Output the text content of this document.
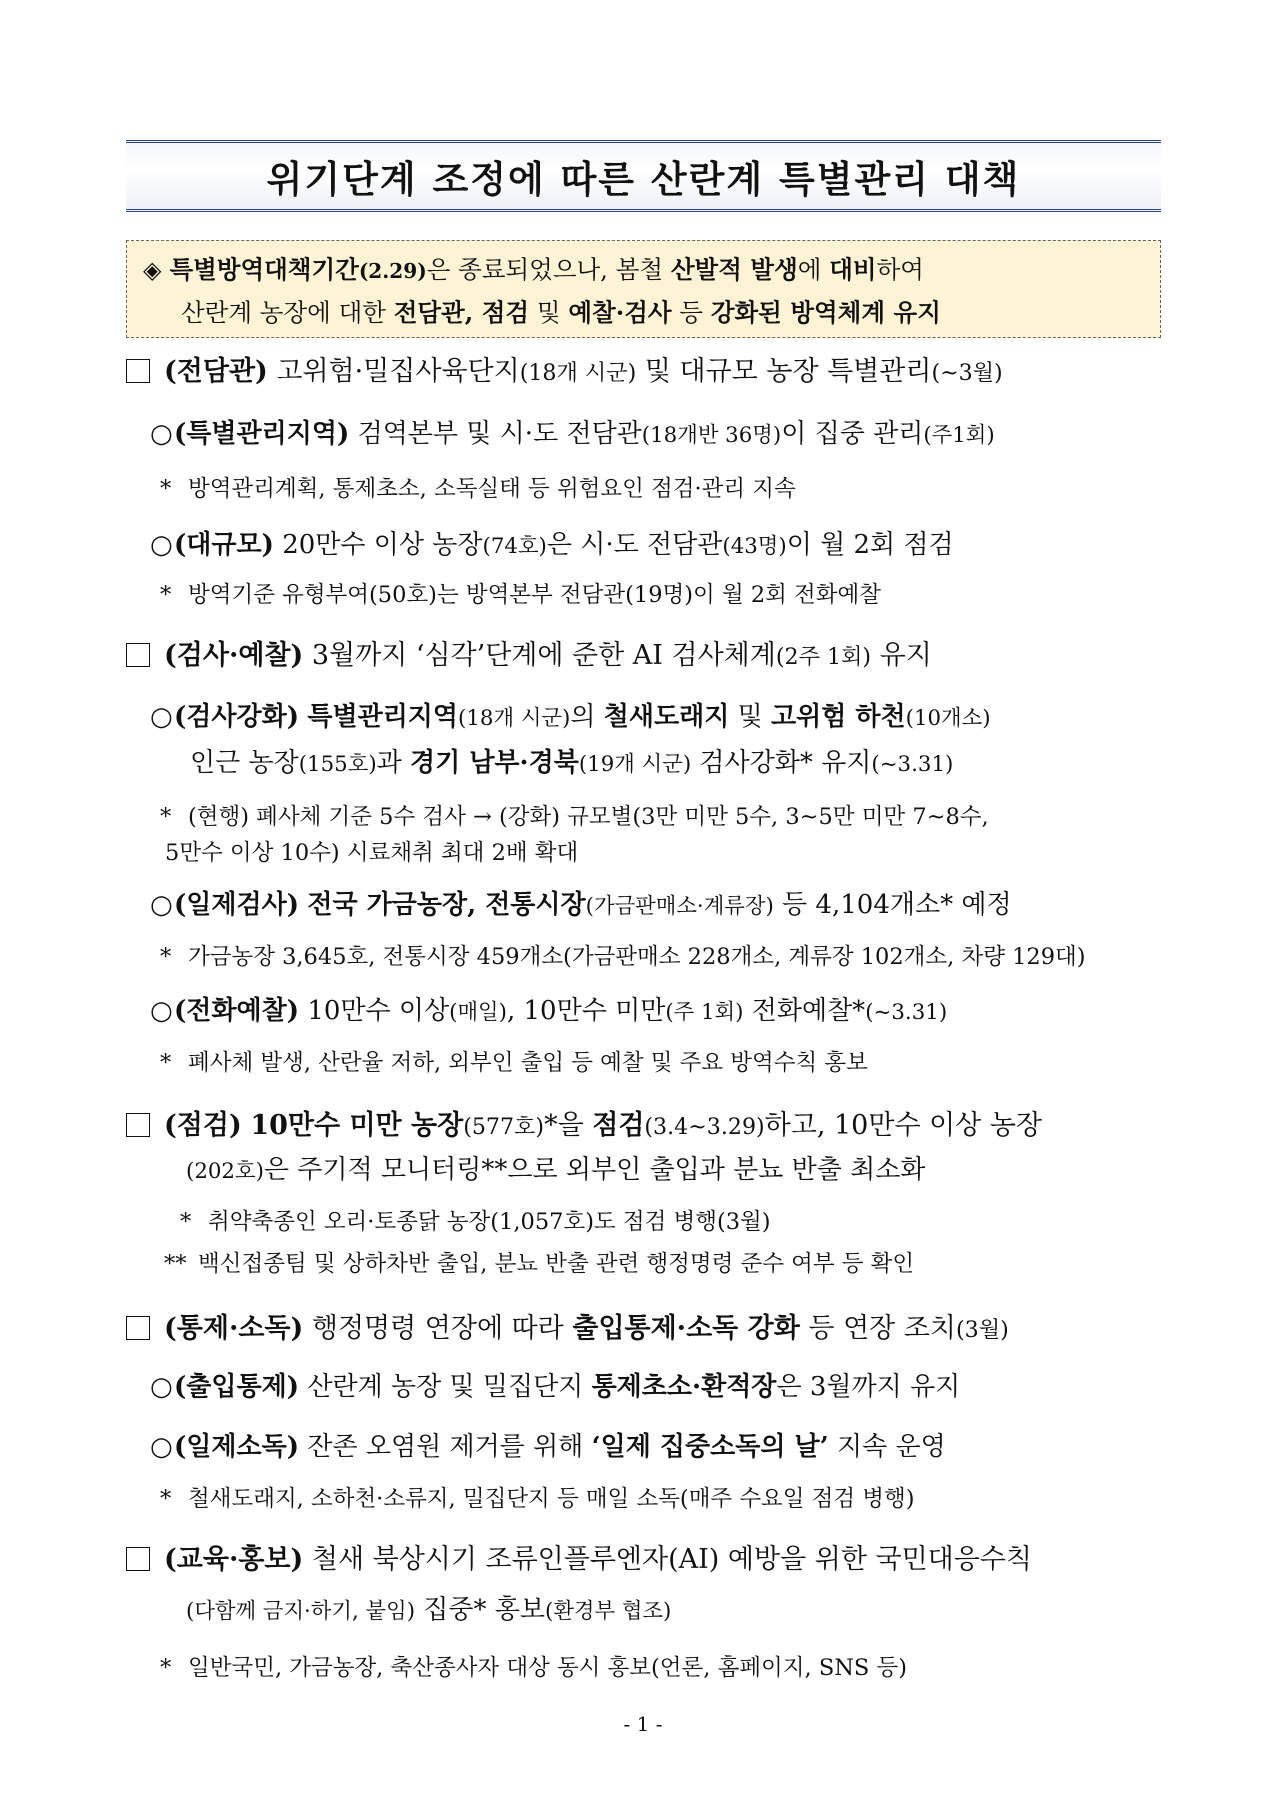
위기단계 조정에 따른 산란계 특별관리 대책
◈ 특별방역대책기간(2.29)은 종료되었으나, 봄철 산발적 발생에 대비하여
산란계 농장에 대한 전담관, 점검 및 예찰·검사 등 강화된 방역체계 유지
(전담관) 고위험·밀집사육단지(18개 시군) 및 대규모 농장 특별관리(~3월)
○(특별관리지역) 검역본부 및 시·도 전담관(18개반 36명)이 집중 관리(주1회)
* 방역관리계획, 통제초소, 소독실태 등 위험요인 점검·관리 지속
○(대규모) 20만수 이상 농장(74호)은 시·도 전담관(43명)이 월 2회 점검
* 방역기준 유형부여(50호)는 방역본부 전담관(19명)이 월 2회 전화예찰
(검사·예찰) 3월까지 ‘심각’단계에 준한 AI 검사체계(2주 1회) 유지
○(검사강화) 특별관리지역(18개 시군)의 철새도래지 및 고위험 하천(10개소)
인근 농장(155호)과 경기 남부·경북(19개 시군) 검사강화* 유지(~3.31)
* (현행) 폐사체 기준 5수 검사 → (강화) 규모별(3만 미만 5수, 3~5만 미만 7~8수,
5만수 이상 10수) 시료채취 최대 2배 확대
○(일제검사) 전국 가금농장, 전통시장(가금판매소·계류장) 등 4,104개소* 예정
* 가금농장 3,645호, 전통시장 459개소(가금판매소 228개소, 계류장 102개소, 차량 129대)
○(전화예찰) 10만수 이상(매일), 10만수 미만(주 1회) 전화예찰*(~3.31)
* 폐사체 발생, 산란율 저하, 외부인 출입 등 예찰 및 주요 방역수칙 홍보
(점검) 10만수 미만 농장(577호)*을 점검(3.4~3.29)하고, 10만수 이상 농장
(202호)은 주기적 모니터링**으로 외부인 출입과 분뇨 반출 최소화
* 취약축종인 오리·토종닭 농장(1,057호)도 점검 병행(3월)
** 백신접종팀 및 상하차반 출입, 분뇨 반출 관련 행정명령 준수 여부 등 확인
(통제·소독) 행정명령 연장에 따라 출입통제·소독 강화 등 연장 조치(3월)
○(출입통제) 산란계 농장 및 밀집단지 통제초소·환적장은 3월까지 유지
○(일제소독) 잔존 오염원 제거를 위해 ‘일제 집중소독의 날’ 지속 운영
* 철새도래지, 소하천·소류지, 밀집단지 등 매일 소독(매주 수요일 점검 병행)
(교육·홍보) 철새 북상시기 조류인플루엔자(AI) 예방을 위한 국민대응수칙
(다함께 금지·하기, 붙임) 집중* 홍보(환경부 협조)
* 일반국민, 가금농장, 축산종사자 대상 동시 홍보(언론, 홈페이지, SNS 등)
- 1 -
